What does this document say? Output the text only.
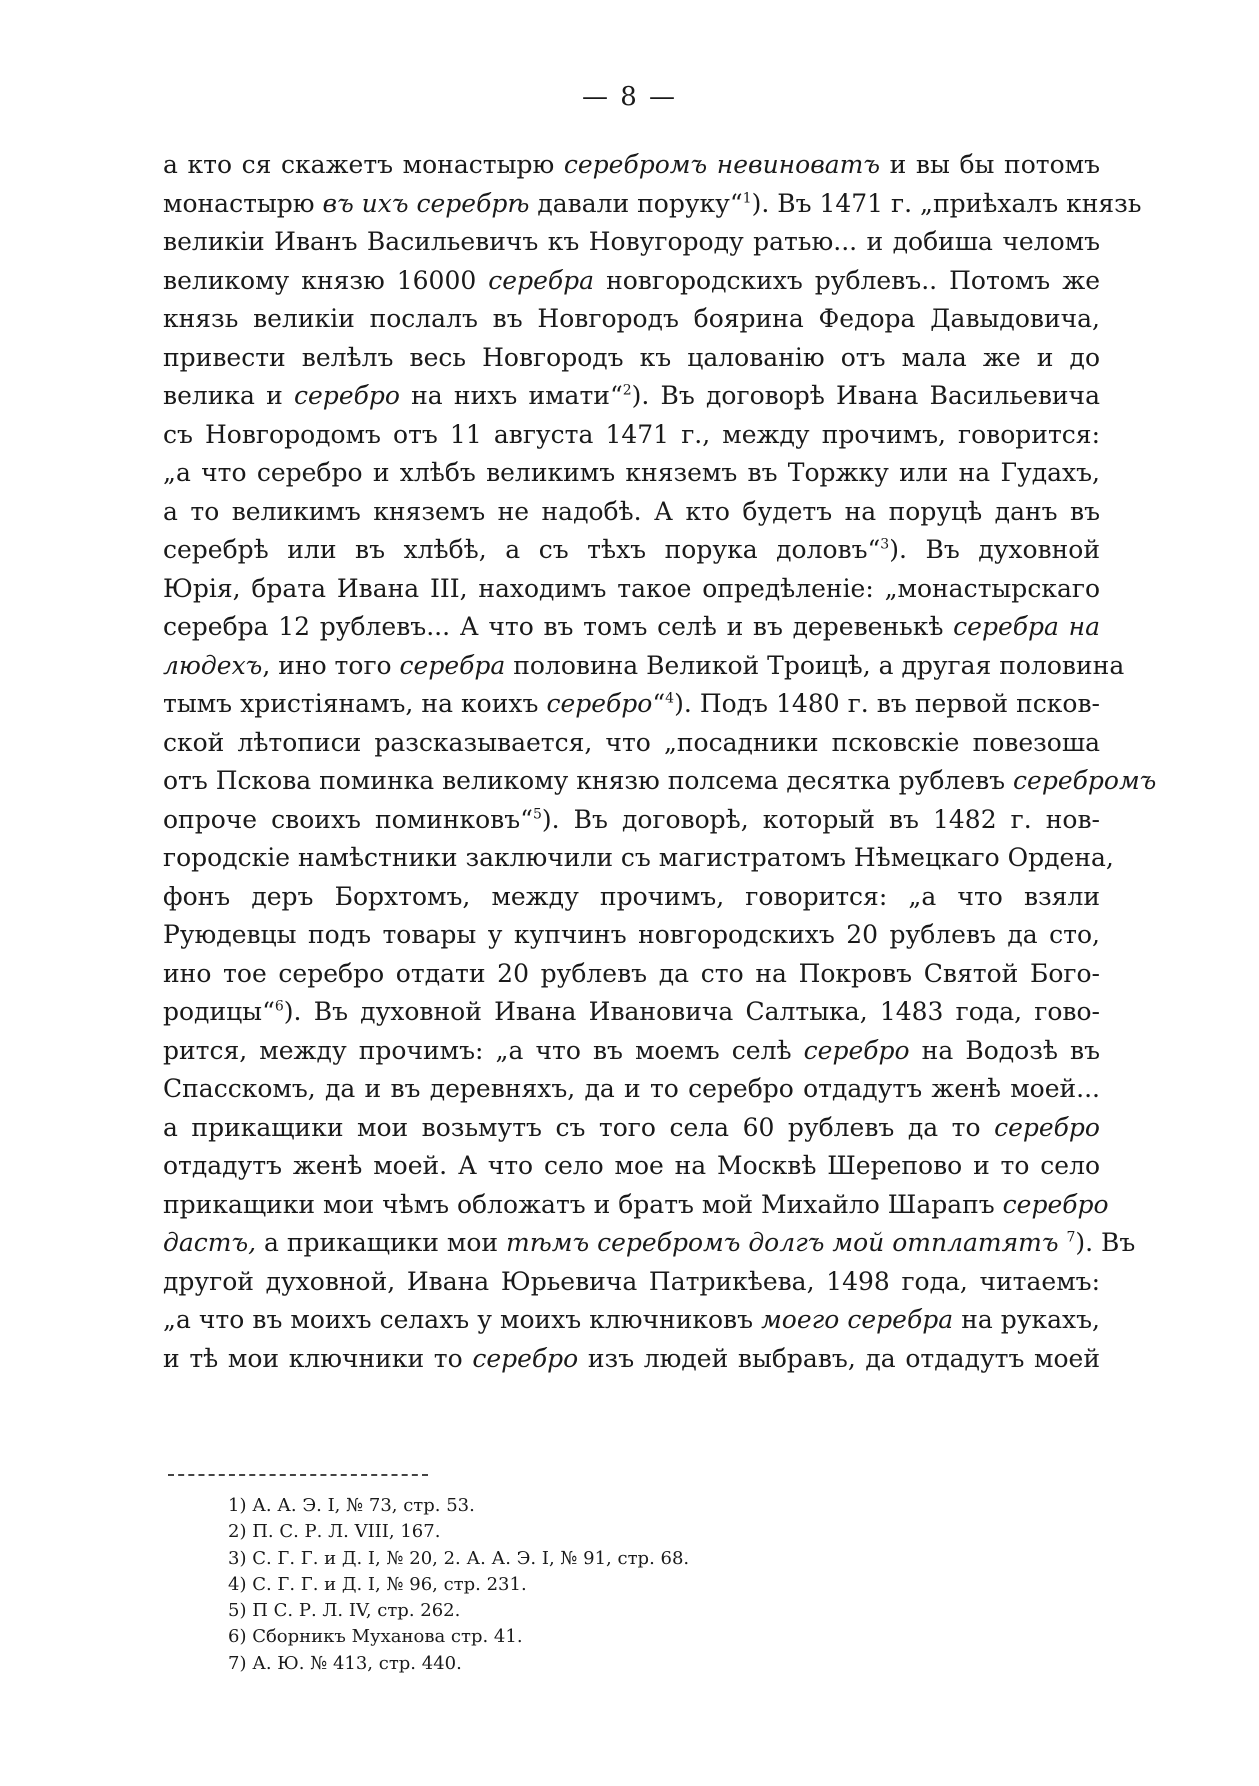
— 8 —
а кто ся скажетъ монастырю серебромъ невиноватъ и вы бы потомъ
монастырю въ ихъ серебрѣ давали поруку“$^1$). Въ 1471 г. „приѣхалъ князь
великіи Иванъ Васильевичъ къ Новугороду ратью... и добиша челомъ
великому князю 16000 серебра новгородскихъ рублевъ.. Потомъ же
князь великіи послалъ въ Новгородъ боярина Федора Давыдовича,
привести велѣлъ весь Новгородъ къ цалованію отъ мала же и до
велика и серебро на нихъ имати“$^2$). Въ договорѣ Ивана Васильевича
съ Новгородомъ отъ 11 августа 1471 г., между прочимъ, говорится:
„а что серебро и хлѣбъ великимъ княземъ въ Торжку или на Гудахъ,
а то великимъ княземъ не надобѣ. А кто будетъ на поруцѣ данъ въ
серебрѣ или въ хлѣбѣ, а съ тѣхъ порука доловъ“$^3$). Въ духовной
Юрія, брата Ивана III, находимъ такое опредѣленіе: „монастырскаго
серебра 12 рублевъ... А что въ томъ селѣ и въ деревенькѣ серебра на
людехъ, ино того серебра половина Великой Троицѣ, а другая половина
тымъ христіянамъ, на коихъ серебро“$^4$). Подъ 1480 г. въ первой псков-
ской лѣтописи разсказывается, что „посадники псковскіе повезоша
отъ Пскова поминка великому князю полсема десятка рублевъ серебромъ
опроче своихъ поминковъ“$^5$). Въ договорѣ, который въ 1482 г. нов-
городскіе намѣстники заключили съ магистратомъ Нѣмецкаго Ордена,
фонъ деръ Борхтомъ, между прочимъ, говорится: „а что взяли
Руюдевцы подъ товары у купчинъ новгородскихъ 20 рублевъ да сто,
ино тое серебро отдати 20 рублевъ да сто на Покровъ Святой Бого-
родицы“$^6$). Въ духовной Ивана Ивановича Салтыка, 1483 года, гово-
рится, между прочимъ: „а что въ моемъ селѣ серебро на Водозѣ въ
Спасскомъ, да и въ деревняхъ, да и то серебро отдадутъ женѣ моей...
а прикащики мои возьмутъ съ того села 60 рублевъ да то серебро
отдадутъ женѣ моей. А что село мое на Москвѣ Шерепово и то село
прикащики мои чѣмъ обложатъ и братъ мой Михайло Шарапъ серебро
дастъ, а прикащики мои тѣмъ серебромъ долгъ мой отплатятъ $^7$). Въ
другой духовной, Ивана Юрьевича Патрикѣева, 1498 года, читаемъ:
„а что въ моихъ селахъ у моихъ ключниковъ моего серебра на рукахъ,
и тѣ мои ключники то серебро изъ людей выбравъ, да отдадутъ моей
1) А. А. Э. I, № 73, стр. 53.
2) П. С. Р. Л. VIII, 167.
3) С. Г. Г. и Д. I, № 20, 2. А. А. Э. I, № 91, стр. 68.
4) С. Г. Г. и Д. I, № 96, стр. 231.
5) П С. Р. Л. IV, стр. 262.
6) Сборникъ Муханова стр. 41.
7) А. Ю. № 413, стр. 440.
